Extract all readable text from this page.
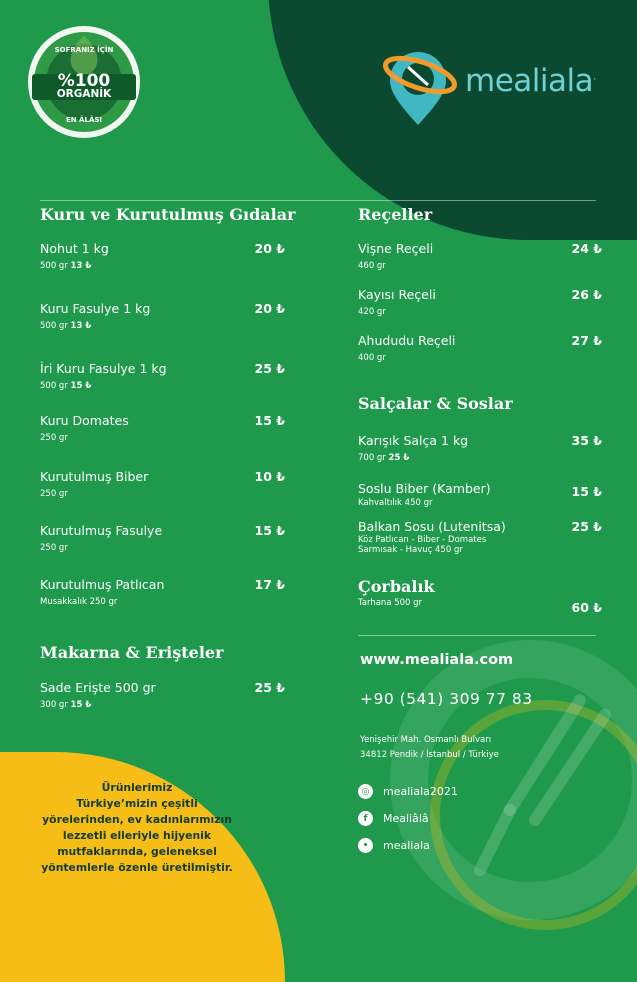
%100
ORGANİK
SOFRANIZ İÇİN
EN ÂLÂSI
mealiala.
Kuru ve Kurutulmuş Gıdalar
Nohut 1 kg
500 gr 13 ₺
20 ₺
Kuru Fasulye 1 kg
500 gr 13 ₺
20 ₺
İri Kuru Fasulye 1 kg
500 gr 15 ₺
25 ₺
Kuru Domates
250 gr
15 ₺
Kurutulmuş Biber
250 gr
10 ₺
Kurutulmuş Fasulye
250 gr
15 ₺
Kurutulmuş Patlıcan
Musakkalık 250 gr
17 ₺
Makarna & Erişteler
Sade Erişte 500 gr
300 gr 15 ₺
25 ₺
Reçeller
Vişne Reçeli
460 gr
24 ₺
Kayısı Reçeli
420 gr
26 ₺
Ahududu Reçeli
400 gr
27 ₺
Salçalar & Soslar
Karışık Salça 1 kg
700 gr 25 ₺
35 ₺
Soslu Biber (Kamber)
Kahvaltılık 450 gr
15 ₺
Balkan Sosu (Lutenitsa)
Köz Patlıcan - Biber - Domates
Sarmısak - Havuç 450 gr
25 ₺
Çorbalık
Tarhana 500 gr	60 ₺
www.mealiala.com
+90 (541) 309 77 83
Yenişehir Mah. Osmanlı Bulvarı
34812 Pendik / İstanbul / Türkiye
◎	mealiala2021
f	Mealiâlâ
•	mealiala
Ürünlerimiz
Türkiye’mizin çeşitli
yörelerinden, ev kadınlarımızın
lezzetli elleriyle hijyenik
mutfaklarında, geleneksel
yöntemlerle özenle üretilmiştir.
